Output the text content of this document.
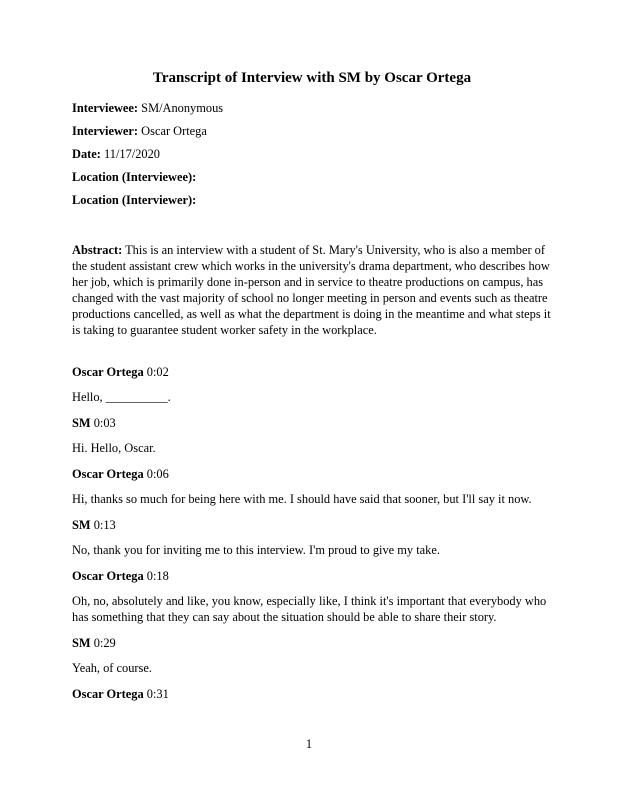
Transcript of Interview with SM by Oscar Ortega

Interviewee: SM/Anonymous

Interviewer: Oscar Ortega

Date: 11/17/2020

Location (Interviewee):

Location (Interviewer):

Abstract: This is an interview with a student of St. Mary's University, who is also a member of the student assistant crew which works in the university's drama department, who describes how her job, which is primarily done in-person and in service to theatre productions on campus, has changed with the vast majority of school no longer meeting in person and events such as theatre productions cancelled, as well as what the department is doing in the meantime and what steps it is taking to guarantee student worker safety in the workplace.

Oscar Ortega 0:02

Hello, __________.

SM 0:03

Hi. Hello, Oscar.

Oscar Ortega 0:06

Hi, thanks so much for being here with me. I should have said that sooner, but I'll say it now.

SM 0:13

No, thank you for inviting me to this interview. I'm proud to give my take.

Oscar Ortega 0:18

Oh, no, absolutely and like, you know, especially like, I think it's important that everybody who has something that they can say about the situation should be able to share their story.

SM 0:29

Yeah, of course.

Oscar Ortega 0:31

1
